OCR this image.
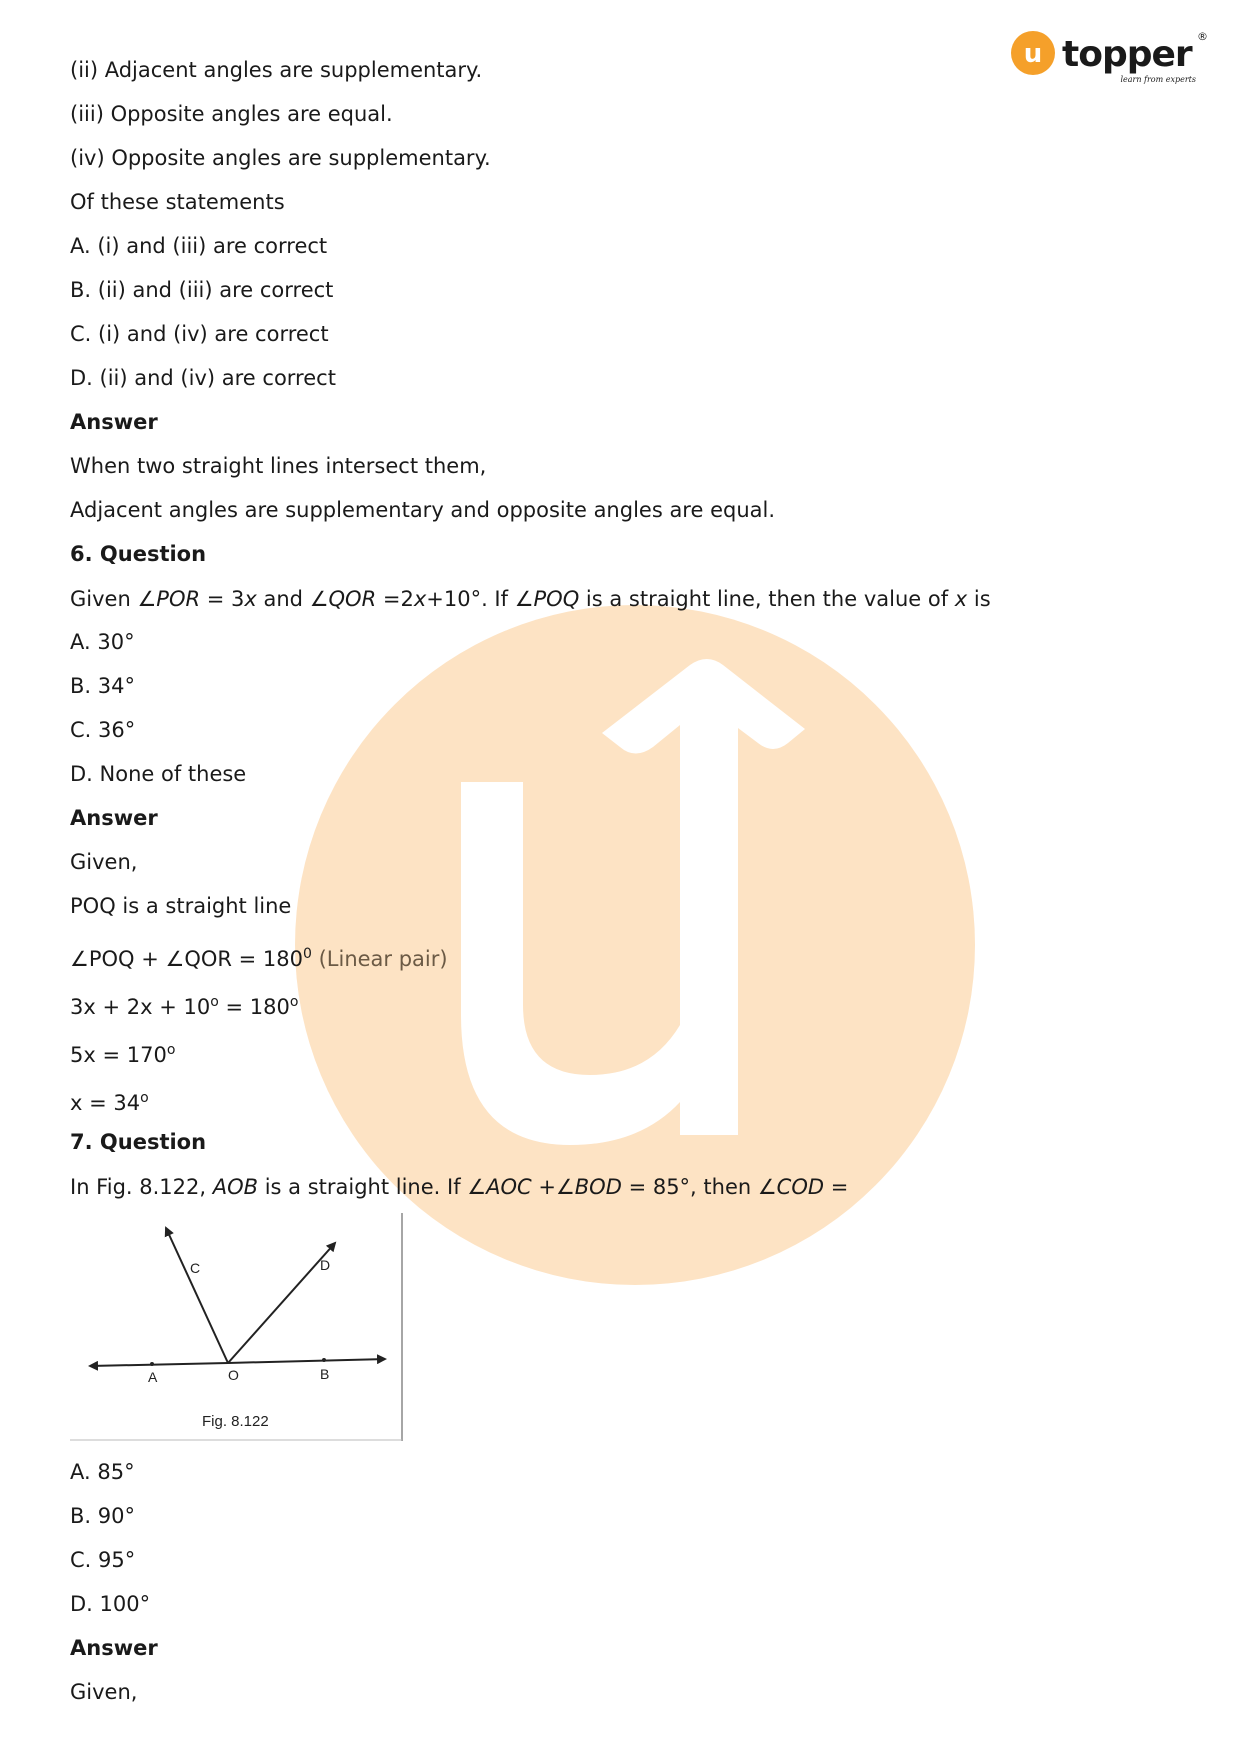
u topper ®
learn from experts
(ii) Adjacent angles are supplementary.
(iii) Opposite angles are equal.
(iv) Opposite angles are supplementary.
Of these statements
A. (i) and (iii) are correct
B. (ii) and (iii) are correct
C. (i) and (iv) are correct
D. (ii) and (iv) are correct
Answer
When two straight lines intersect them,
Adjacent angles are supplementary and opposite angles are equal.
6. Question
Given ∠POR = 3x and ∠QOR =2x+10°. If ∠POQ is a straight line, then the value of x is
A. 30°
B. 34°
C. 36°
D. None of these
Answer
Given,
POQ is a straight line
∠POQ + ∠QOR = $180^0$ (Linear pair)
$3x + 2x + 10^o = 180^o$
$5x = 170^o$
$x = 34^o$
7. Question
In Fig. 8.122, AOB is a straight line. If ∠AOC +∠BOD = 85°, then ∠COD =
A. 85°
B. 90°
C. 95°
D. 100°
Answer
Given,
A	O	B
C	D
Fig. 8.122
